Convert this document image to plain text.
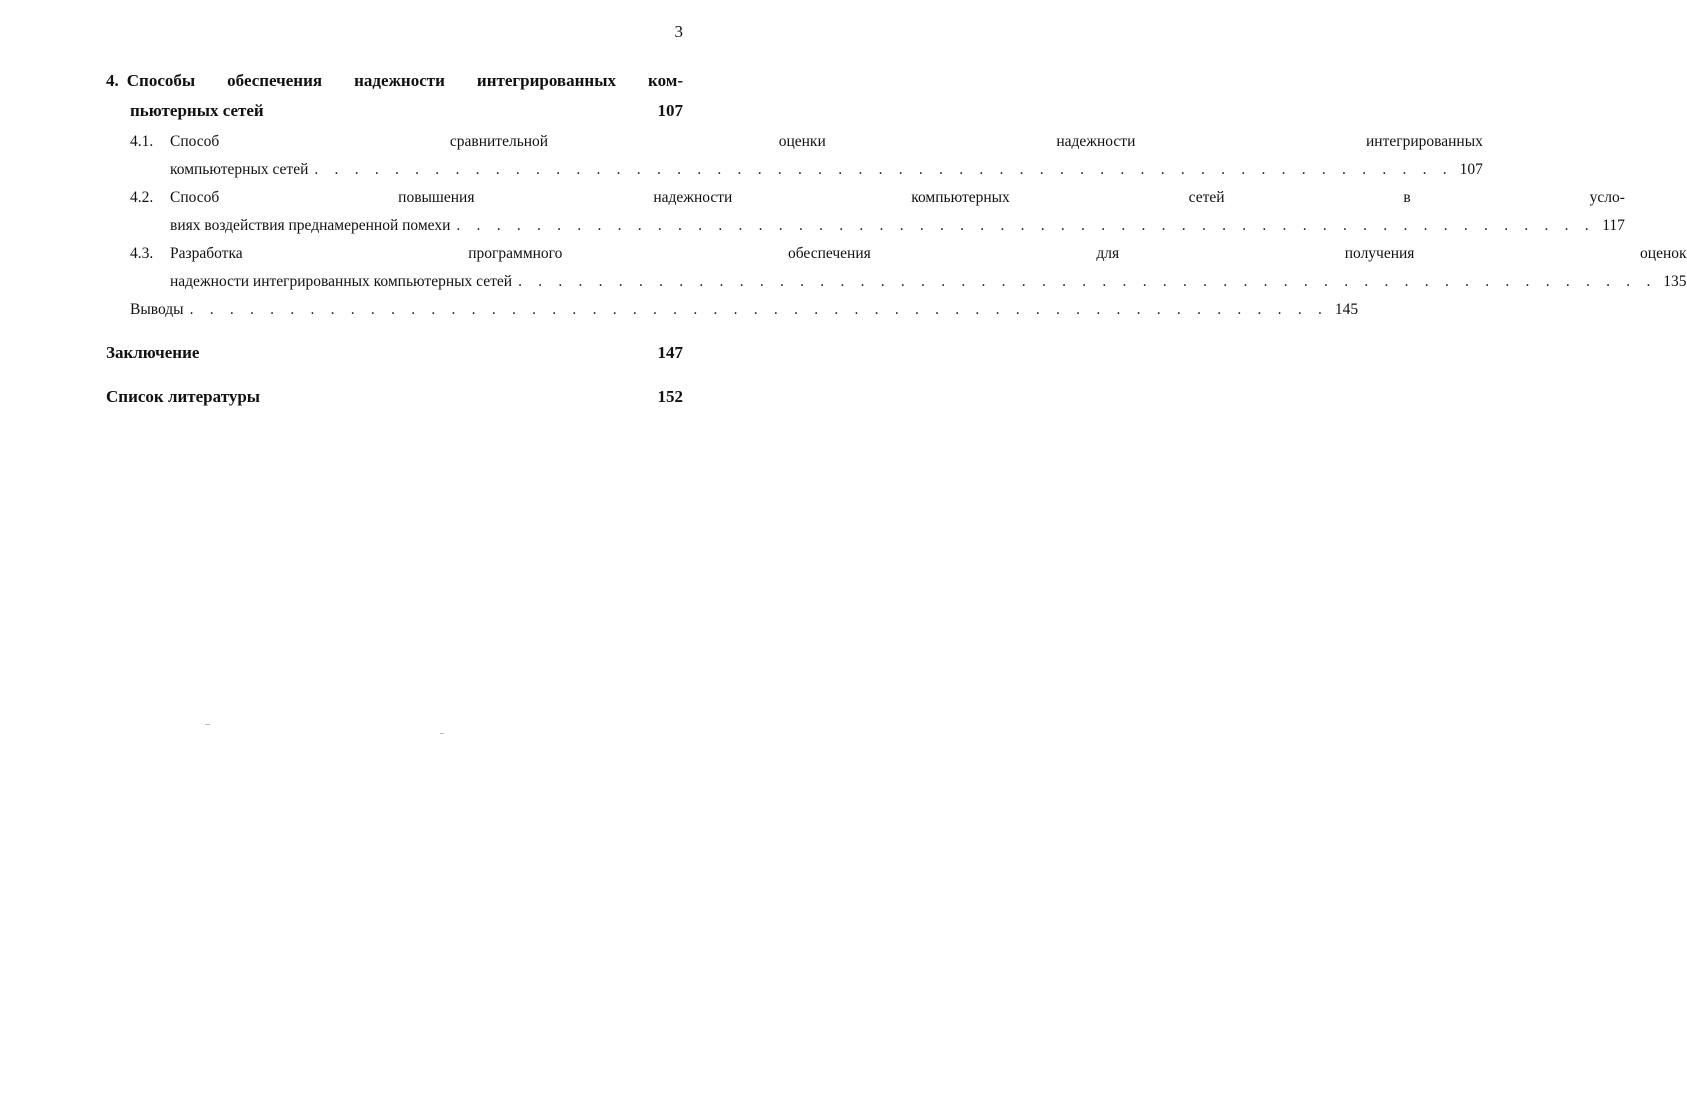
3
4. Способы обеспечения надежности интегрированных ком-
пьютерных сетей	107
4.1.	Способ сравнительной оценки надежности интегрированных
компьютерных сетей . . .	107
4.2.	Способ повышения надежности компьютерных сетей в усло-
виях воздействия преднамеренной помехи . . .	117
4.3.	Разработка программного обеспечения для получения оценок
надежности интегрированных компьютерных сетей . . .	135
Выводы . . .	145
Заключение	147
Список литературы	152
